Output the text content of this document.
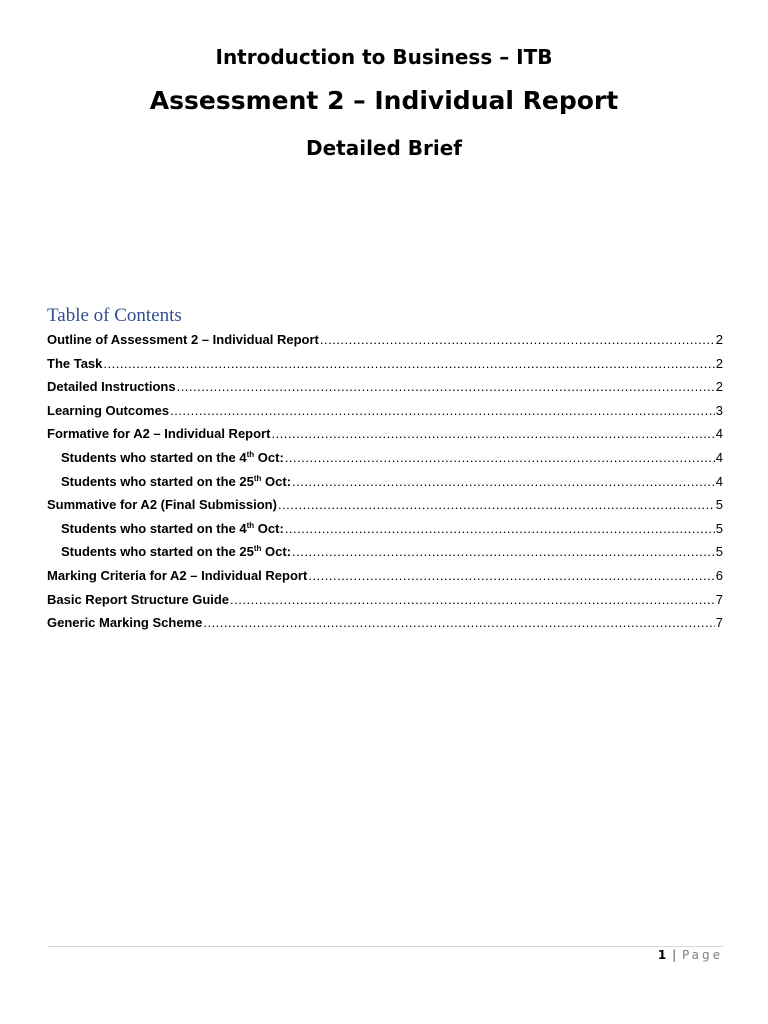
Introduction to Business – ITB
Assessment 2 – Individual Report
Detailed Brief
Table of Contents
Outline of Assessment 2 – Individual Report .....	2
The Task .....	2
Detailed Instructions .....	2
Learning Outcomes .....	3
Formative for A2 – Individual Report .....	4
Students who started on the 4th Oct: .....	4
Students who started on the 25th Oct: .....	4
Summative for A2 (Final Submission) .....	5
Students who started on the 4th Oct: .....	5
Students who started on the 25th Oct: .....	5
Marking Criteria for A2 – Individual Report .....	6
Basic Report Structure Guide .....	7
Generic Marking Scheme .....	7
1 | Page
